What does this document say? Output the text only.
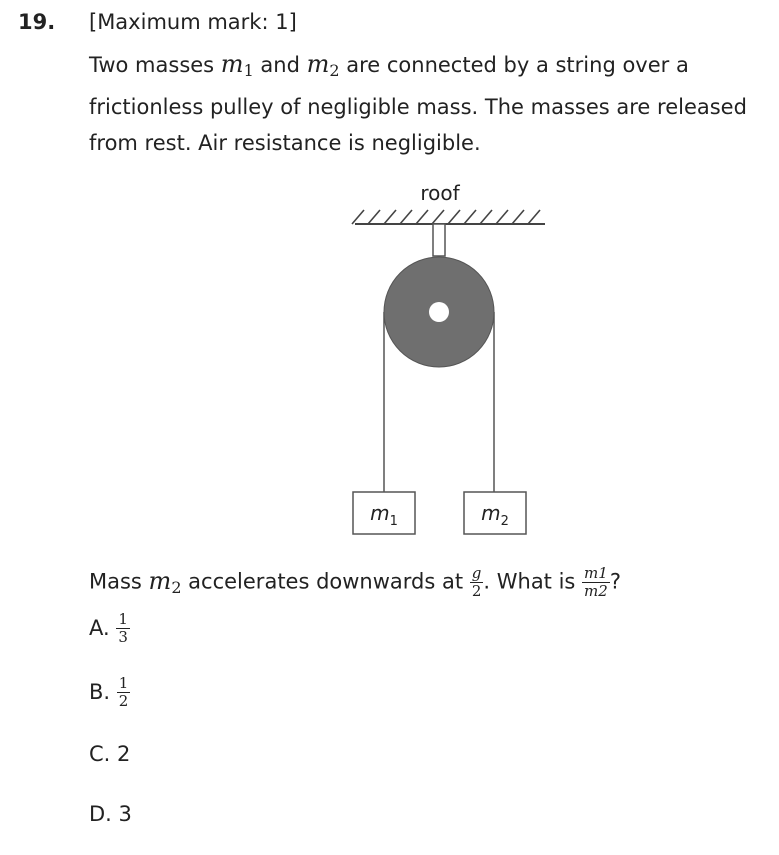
19. [Maximum mark: 1]
Two masses $m_1$ and $m_2$ are connected by a string over a frictionless pulley of negligible mass. The masses are released from rest. Air resistance is negligible.
roof
$m_1$	$m_2$
Mass $m_2$ accelerates downwards at $\frac{g}{2}$ . What is $\frac{m1}{m2}$ ?
A. $\frac{1}{3}$
B. $\frac{1}{2}$
C. 2
D. 3
